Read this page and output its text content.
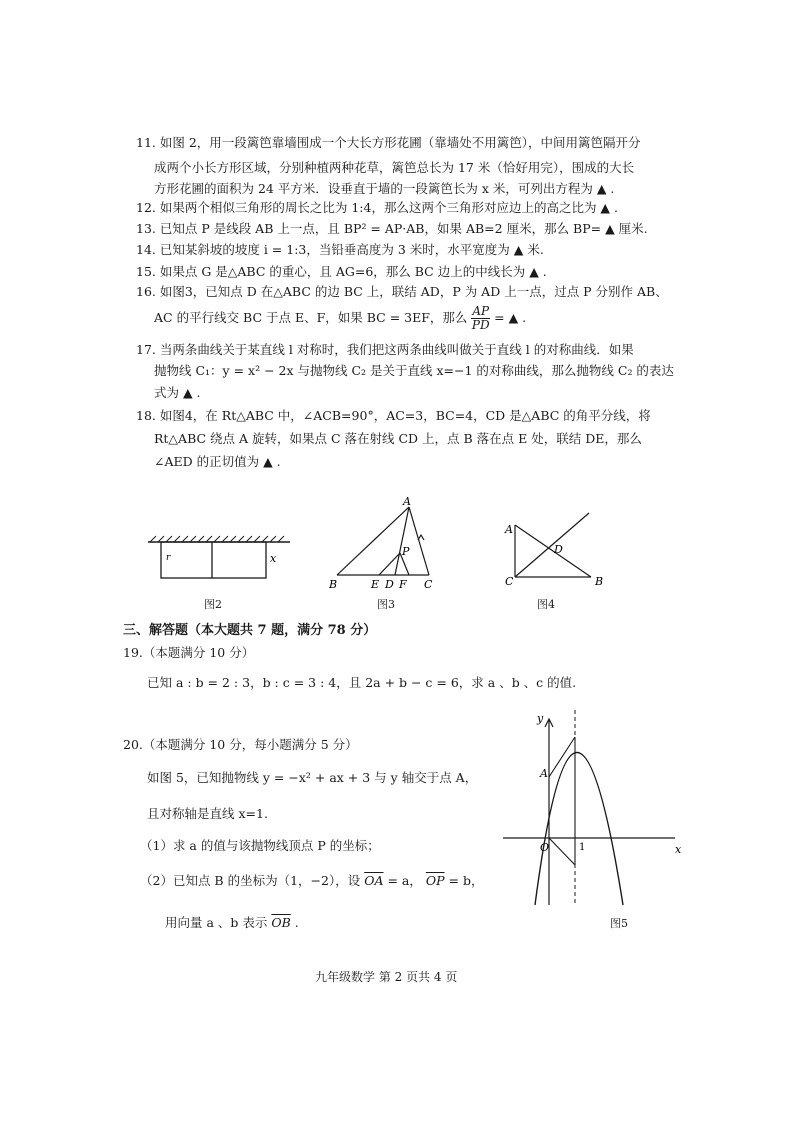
11. 如图 2，用一段篱笆靠墙围成一个大长方形花圃（靠墙处不用篱笆），中间用篱笆隔开分
成两个小长方形区域，分别种植两种花草，篱笆总长为 17 米（恰好用完），围成的大长
方形花圃的面积为 24 平方米．设垂直于墙的一段篱笆长为 x 米，可列出方程为 ▲ .
12. 如果两个相似三角形的周长之比为 1:4，那么这两个三角形对应边上的高之比为 ▲ .
13. 已知点 P 是线段 AB 上一点，且 BP² = AP·AB，如果 AB=2 厘米，那么 BP= ▲ 厘米.
14. 已知某斜坡的坡度 i = 1:3，当铅垂高度为 3 米时，水平宽度为 ▲ 米.
15. 如果点 G 是△ABC 的重心，且 AG=6，那么 BC 边上的中线长为 ▲ .
16. 如图3，已知点 D 在△ABC 的边 BC 上，联结 AD，P 为 AD 上一点，过点 P 分别作 AB、
AC 的平行线交 BC 于点 E、F，如果 BC = 3EF，那么 $\frac{AP}{PD}$ = ▲ .
17. 当两条曲线关于某直线 l 对称时，我们把这两条曲线叫做关于直线 l 的对称曲线．如果
抛物线 C₁：y = x² − 2x 与抛物线 C₂ 是关于直线 x=−1 的对称曲线，那么抛物线 C₂ 的表达
式为 ▲ .
18. 如图4，在 Rt△ABC 中，∠ACB=90°，AC=3，BC=4，CD 是△ABC 的角平分线，将
Rt△ABC 绕点 A 旋转，如果点 C 落在射线 CD 上，点 B 落在点 E 处，联结 DE，那么
∠AED 的正切值为 ▲ .
x
r
图2
A
B	E D F C
P
图3
A
C	B
D
图4
三、解答题（本大题共 7 题，满分 78 分）
19.（本题满分 10 分）
已知 a : b = 2 : 3，b : c = 3 : 4，且 2a + b − c = 6，求 a 、b 、c 的值.
20.（本题满分 10 分，每小题满分 5 分）
如图 5，已知抛物线 y = −x² + ax + 3 与 y 轴交于点 A，
且对称轴是直线 x=1.
（1）求 a 的值与该抛物线顶点 P 的坐标；
（2）已知点 B 的坐标为（1，−2），设 $\overline{OA} = a$， $\overline{OP} = b$，
用向量 a 、b 表示 $\overline{OB}$ .
y
x
O
A
1
图5
九年级数学 第 2 页共 4 页
